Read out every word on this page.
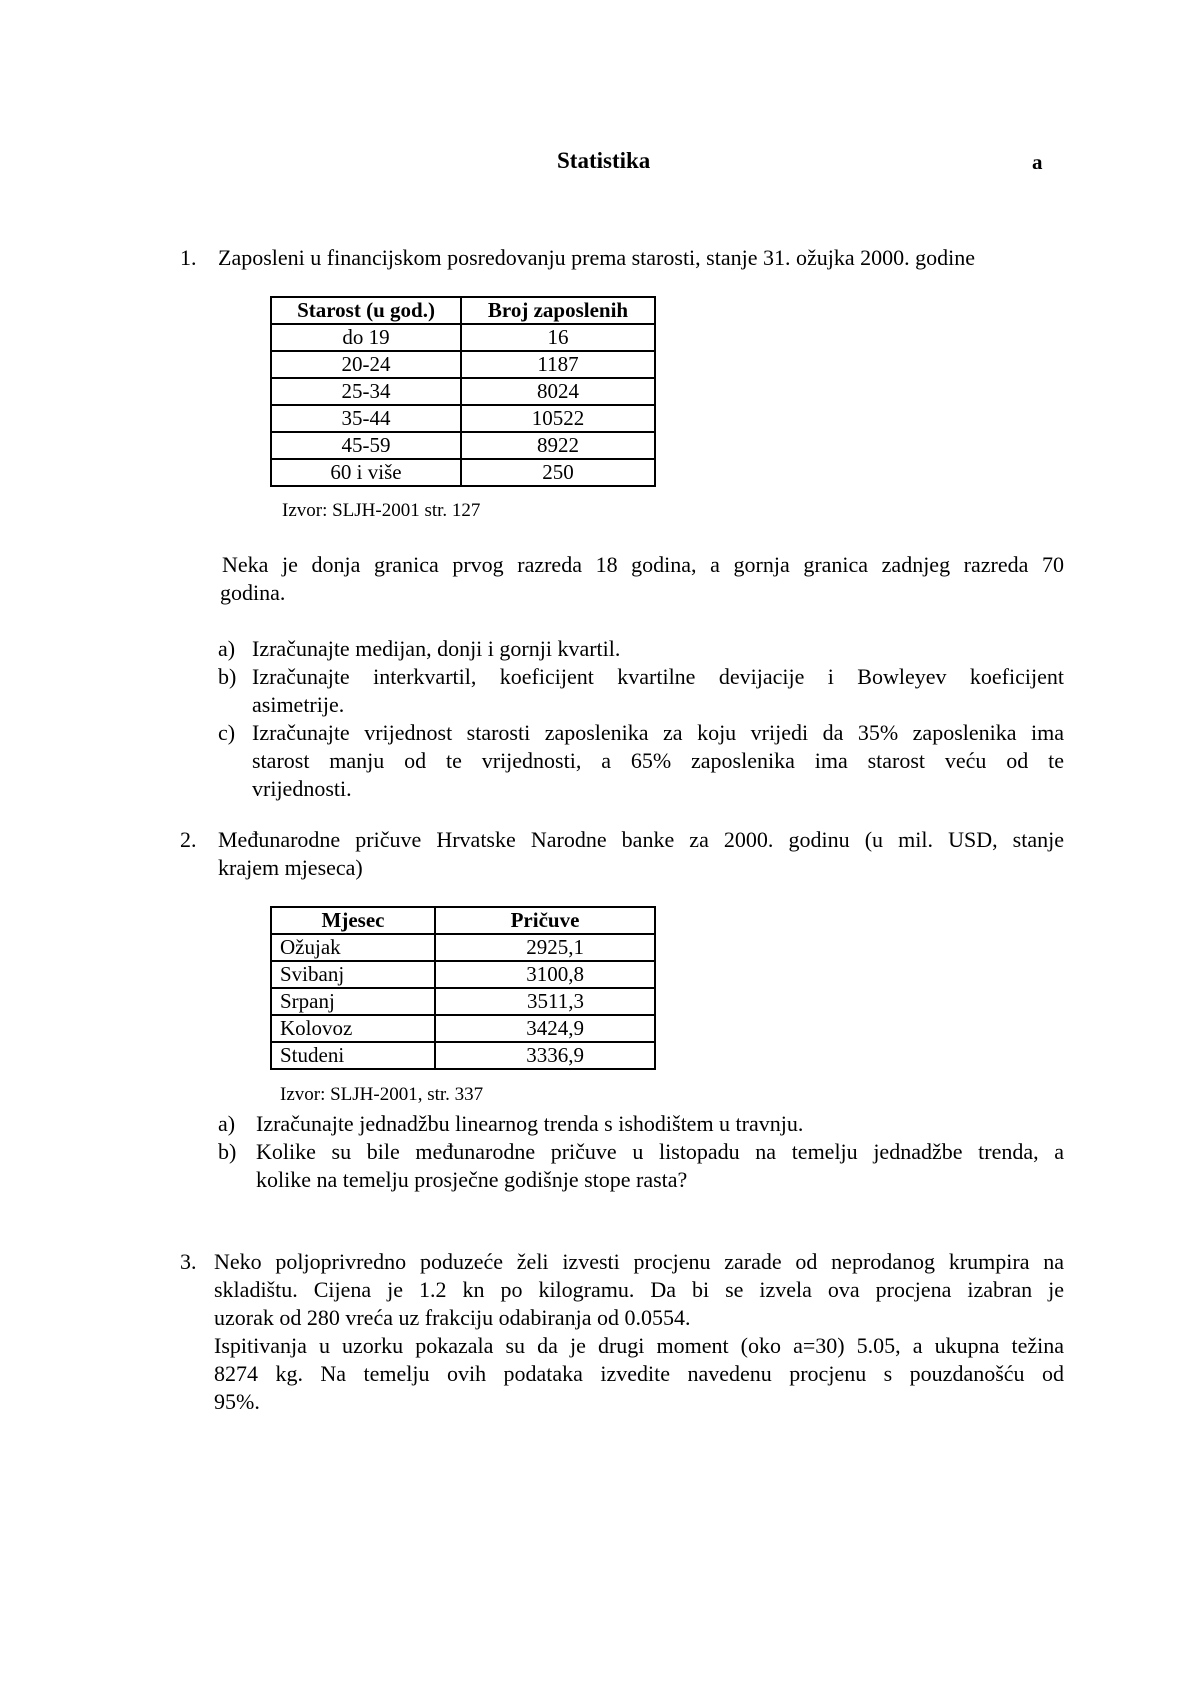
Statistika	a
1. Zaposleni u financijskom posredovanju prema starosti, stanje 31. ožujka 2000. godine
Starost (u god.)	Broj zaposlenih
do 19	16
20-24	1187
25-34	8024
35-44	10522
45-59	8922
60 i više	250
Izvor: SLJH-2001 str. 127
Neka je donja granica prvog razreda 18 godina, a gornja granica zadnjeg razreda 70
godina.
a) Izračunajte medijan, donji i gornji kvartil.
b) Izračunajte interkvartil, koeficijent kvartilne devijacije i Bowleyev koeficijent
asimetrije.
c) Izračunajte vrijednost starosti zaposlenika za koju vrijedi da 35% zaposlenika ima
starost manju od te vrijednosti, a 65% zaposlenika ima starost veću od te
vrijednosti.
2. Međunarodne pričuve Hrvatske Narodne banke za 2000. godinu (u mil. USD, stanje
krajem mjeseca)
Mjesec	Pričuve
Ožujak	2925,1
Svibanj	3100,8
Srpanj	3511,3
Kolovoz	3424,9
Studeni	3336,9
Izvor: SLJH-2001, str. 337
a) Izračunajte jednadžbu linearnog trenda s ishodištem u travnju.
b) Kolike su bile međunarodne pričuve u listopadu na temelju jednadžbe trenda, a
kolike na temelju prosječne godišnje stope rasta?
3. Neko poljoprivredno poduzeće želi izvesti procjenu zarade od neprodanog krumpira na
skladištu. Cijena je 1.2 kn po kilogramu. Da bi se izvela ova procjena izabran je
uzorak od 280 vreća uz frakciju odabiranja od 0.0554.
Ispitivanja u uzorku pokazala su da je drugi moment (oko a=30) 5.05, a ukupna težina
8274 kg. Na temelju ovih podataka izvedite navedenu procjenu s pouzdanošću od
95%.
